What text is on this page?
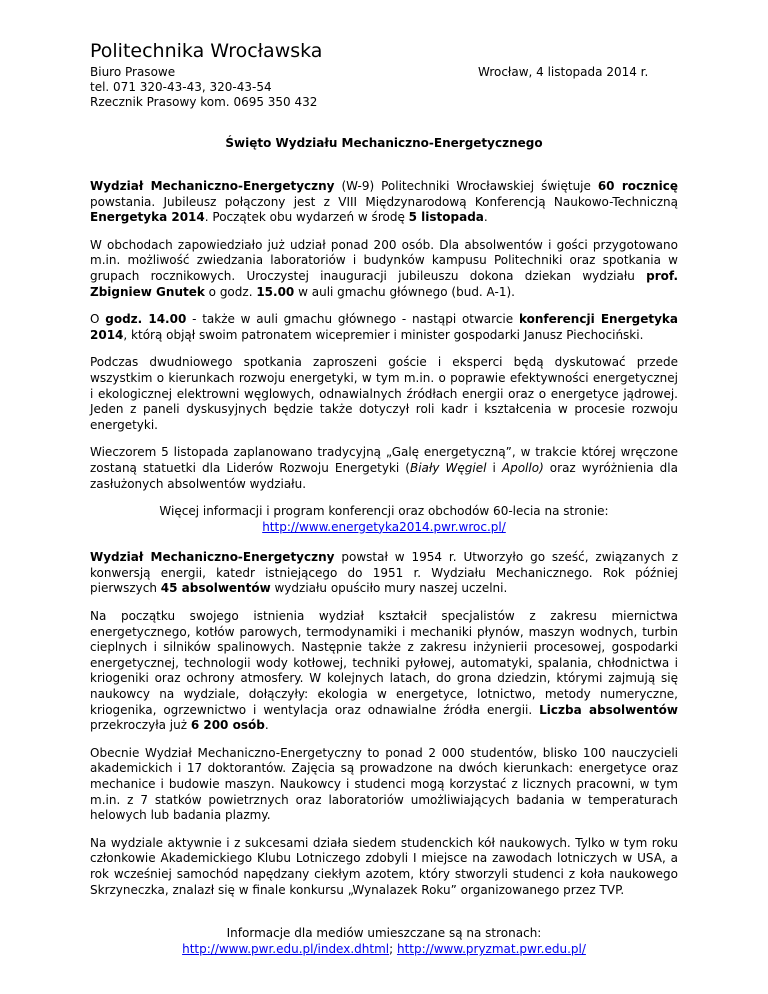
Politechnika Wrocławska
Biuro Prasowe
tel. 071 320-43-43, 320-43-54
Rzecznik Prasowy kom. 0695 350 432
Wrocław, 4 listopada 2014 r.
Święto Wydziału Mechaniczno-Energetycznego

Wydział Mechaniczno-Energetyczny (W-9) Politechniki Wrocławskiej świętuje 60 rocznicę powstania. Jubileusz połączony jest z VIII Międzynarodową Konferencją Naukowo-Techniczną Energetyka 2014. Początek obu wydarzeń w środę 5 listopada.

W obchodach zapowiedziało już udział ponad 200 osób. Dla absolwentów i gości przygotowano m.in. możliwość zwiedzania laboratoriów i budynków kampusu Politechniki oraz spotkania w grupach rocznikowych. Uroczystej inauguracji jubileuszu dokona dziekan wydziału prof. Zbigniew Gnutek o godz. 15.00 w auli gmachu głównego (bud. A-1).

O godz. 14.00 - także w auli gmachu głównego - nastąpi otwarcie konferencji Energetyka 2014, którą objął swoim patronatem wicepremier i minister gospodarki Janusz Piechociński.

Podczas dwudniowego spotkania zaproszeni goście i eksperci będą dyskutować przede wszystkim o kierunkach rozwoju energetyki, w tym m.in. o poprawie efektywności energetycznej i ekologicznej elektrowni węglowych, odnawialnych źródłach energii oraz o energetyce jądrowej. Jeden z paneli dyskusyjnych będzie także dotyczył roli kadr i kształcenia w procesie rozwoju energetyki.

Wieczorem 5 listopada zaplanowano tradycyjną „Galę energetyczną”, w trakcie której wręczone zostaną statuetki dla Liderów Rozwoju Energetyki (Biały Węgiel i Apollo) oraz wyróżnienia dla zasłużonych absolwentów wydziału.

Więcej informacji i program konferencji oraz obchodów 60-lecia na stronie:
http://www.energetyka2014.pwr.wroc.pl/

Wydział Mechaniczno-Energetyczny powstał w 1954 r. Utworzyło go sześć, związanych z konwersją energii, katedr istniejącego do 1951 r. Wydziału Mechanicznego. Rok później pierwszych 45 absolwentów wydziału opuściło mury naszej uczelni.

Na początku swojego istnienia wydział kształcił specjalistów z zakresu miernictwa energetycznego, kotłów parowych, termodynamiki i mechaniki płynów, maszyn wodnych, turbin cieplnych i silników spalinowych. Następnie także z zakresu inżynierii procesowej, gospodarki energetycznej, technologii wody kotłowej, techniki pyłowej, automatyki, spalania, chłodnictwa i kriogeniki oraz ochrony atmosfery. W kolejnych latach, do grona dziedzin, którymi zajmują się naukowcy na wydziale, dołączyły: ekologia w energetyce, lotnictwo, metody numeryczne, kriogenika, ogrzewnictwo i wentylacja oraz odnawialne źródła energii. Liczba absolwentów przekroczyła już 6 200 osób.

Obecnie Wydział Mechaniczno-Energetyczny to ponad 2 000 studentów, blisko 100 nauczycieli akademickich i 17 doktorantów. Zajęcia są prowadzone na dwóch kierunkach: energetyce oraz mechanice i budowie maszyn. Naukowcy i studenci mogą korzystać z licznych pracowni, w tym m.in. z 7 statków powietrznych oraz laboratoriów umożliwiających badania w temperaturach helowych lub badania plazmy.

Na wydziale aktywnie i z sukcesami działa siedem studenckich kół naukowych. Tylko w tym roku członkowie Akademickiego Klubu Lotniczego zdobyli I miejsce na zawodach lotniczych w USA, a rok wcześniej samochód napędzany ciekłym azotem, który stworzyli studenci z koła naukowego Skrzyneczka, znalazł się w finale konkursu „Wynalazek Roku” organizowanego przez TVP.

Informacje dla mediów umieszczane są na stronach:
http://www.pwr.edu.pl/index.dhtml; http://www.pryzmat.pwr.edu.pl/
